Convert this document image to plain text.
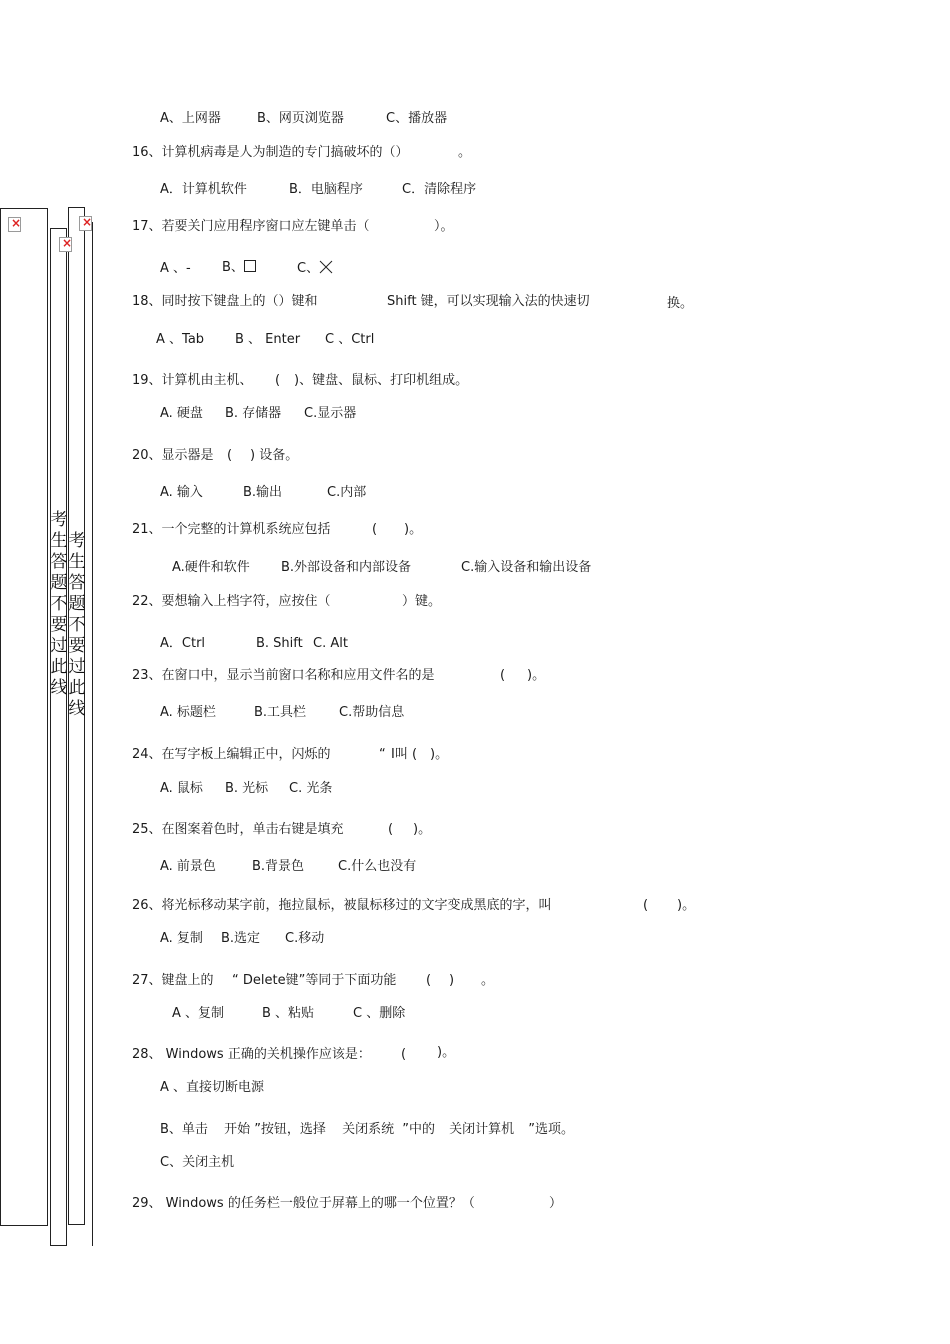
×
×
×
考生答题不要过此线
考生答题不要过此线
A、上网器	B、网页浏览器	C、播放器
16、计算机病毒是人为制造的专门搞破坏的（）	。
A．计算机软件	B．电脑程序	C．清除程序
17、若要关门应用程序窗口应左键单击（	）。
A 、- B、	C、
18、同时按下键盘上的（）键和	Shift 键，可以实现输入法的快速切	换。
A 、Tab B 、 Enter C 、Ctrl
19、计算机由主机、 ( )、键盘、鼠标、打印机组成。
A. 硬盘 B. 存储器 C.显示器
20、显示器是 ( ) 设备。
A. 输入	B.输出	C.内部
21、一个完整的计算机系统应包括	( )。
A.硬件和软件 B.外部设备和内部设备	C.输入设备和输出设备
22、要想输入上档字符，应按住（	）键。
A．Ctrl	B. Shift C. Alt
23、在窗口中，显示当前窗口名称和应用文件名的是	( )。
A. 标题栏	B.工具栏	C.帮助信息
24、在写字板上编辑正中，闪烁的	“ I叫 ( )。
A. 鼠标 B. 光标 C. 光条
25、在图案着色时，单击右键是填充	( )。
A. 前景色	B.背景色	C.什么也没有
26、将光标移动某字前，拖拉鼠标，被鼠标移过的文字变成黑底的字，叫	( )。
A. 复制 B.选定 C.移动
27、键盘上的 “ Delete键”等同于下面功能 ( ) 。
A 、复制	B 、粘贴	C 、删除
28、 Windows 正确的关机操作应该是： ( )。
A 、直接切断电源
B、单击 开始 ”按钮，选择 关闭系统 ”中的 关闭计算机 ”选项。
C、关闭主机
29、 Windows 的任务栏一般位于屏幕上的哪一个位置？（	）
